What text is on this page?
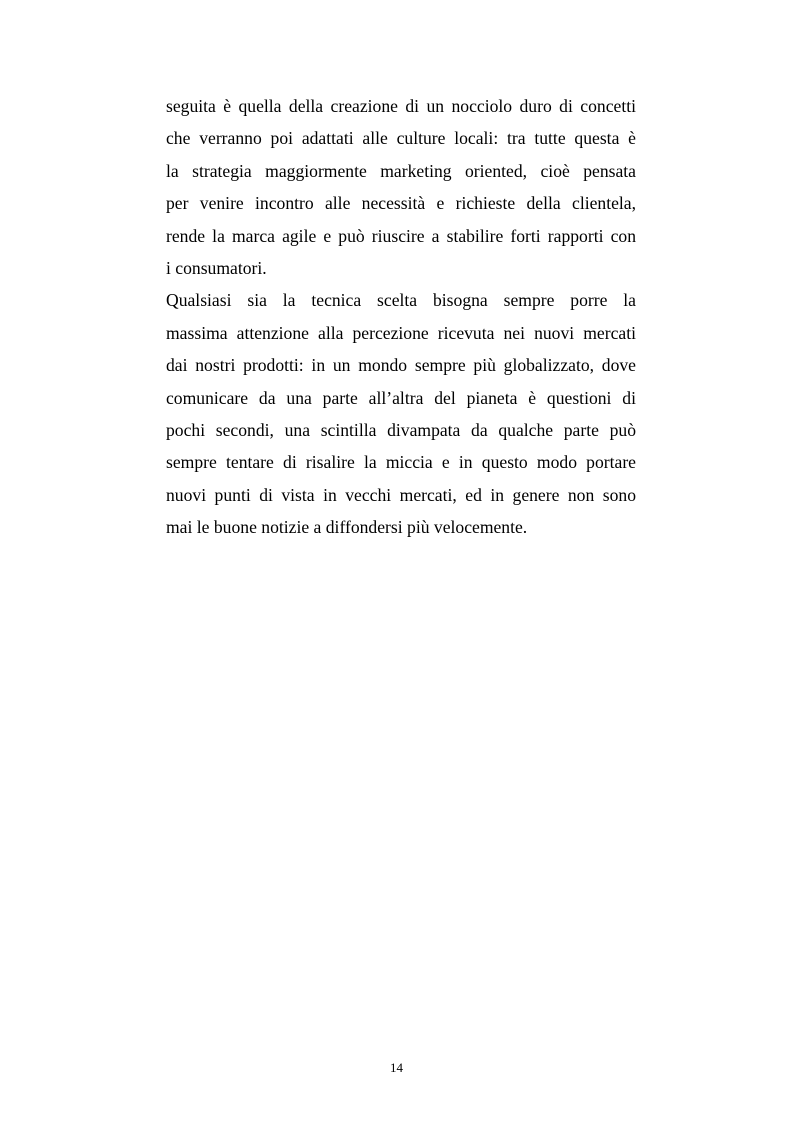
seguita è quella della creazione di un nocciolo duro di concetti
che verranno poi adattati alle culture locali: tra tutte questa è
la strategia maggiormente marketing oriented, cioè pensata
per venire incontro alle necessità e richieste della clientela,
rende la marca agile e può riuscire a stabilire forti rapporti con
i consumatori.
Qualsiasi sia la tecnica scelta bisogna sempre porre la
massima attenzione alla percezione ricevuta nei nuovi mercati
dai nostri prodotti: in un mondo sempre più globalizzato, dove
comunicare da una parte all’altra del pianeta è questioni di
pochi secondi, una scintilla divampata da qualche parte può
sempre tentare di risalire la miccia e in questo modo portare
nuovi punti di vista in vecchi mercati, ed in genere non sono
mai le buone notizie a diffondersi più velocemente.
14
